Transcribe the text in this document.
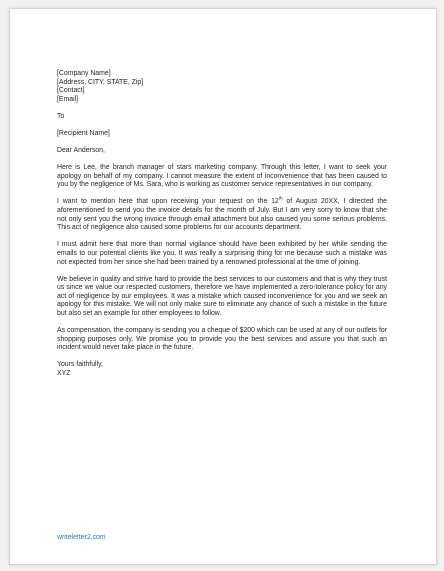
[Company Name]
[Address, CITY, STATE, Zip]
[Contact]
[Email]
To
[Recipient Name]
Dear Anderson,

Here is Lee, the branch manager of stars marketing company. Through this letter, I want to seek your apology on behalf of my company. I cannot measure the extent of inconvenience that has been caused to you by the negligence of Ms. Sara, who is working as customer service representatives in our company.

I want to mention here that upon receiving your request on the 12th of August 20XX, I directed the aforementioned to send you the invoice details for the month of July. But I am very sorry to know that she not only sent you the wrong invoice through email attachment but also caused you some serious problems. This act of negligence also caused some problems for our accounts department.

I must admit here that more than normal vigilance should have been exhibited by her while sending the emails to our potential clients like you. It was really a surprising thing for me because such a mistake was not expected from her since she had been trained by a renowned professional at the time of joining.

We believe in quality and strive hard to provide the best services to our customers and that is why they trust us since we value our respected customers, therefore we have implemented a zero-tolerance policy for any act of negligence by our employees. It was a mistake which caused inconvenience for you and we seek an apology for this mistake. We will not only make sure to eliminate any chance of such a mistake in the future but also set an example for other employees to follow.

As compensation, the company is sending you a cheque of $200 which can be used at any of our outlets for shopping purposes only. We promise you to provide you the best services and assure you that such an incident would never take place in the future.

Yours faithfully,
XYZ
writeletter2.com
